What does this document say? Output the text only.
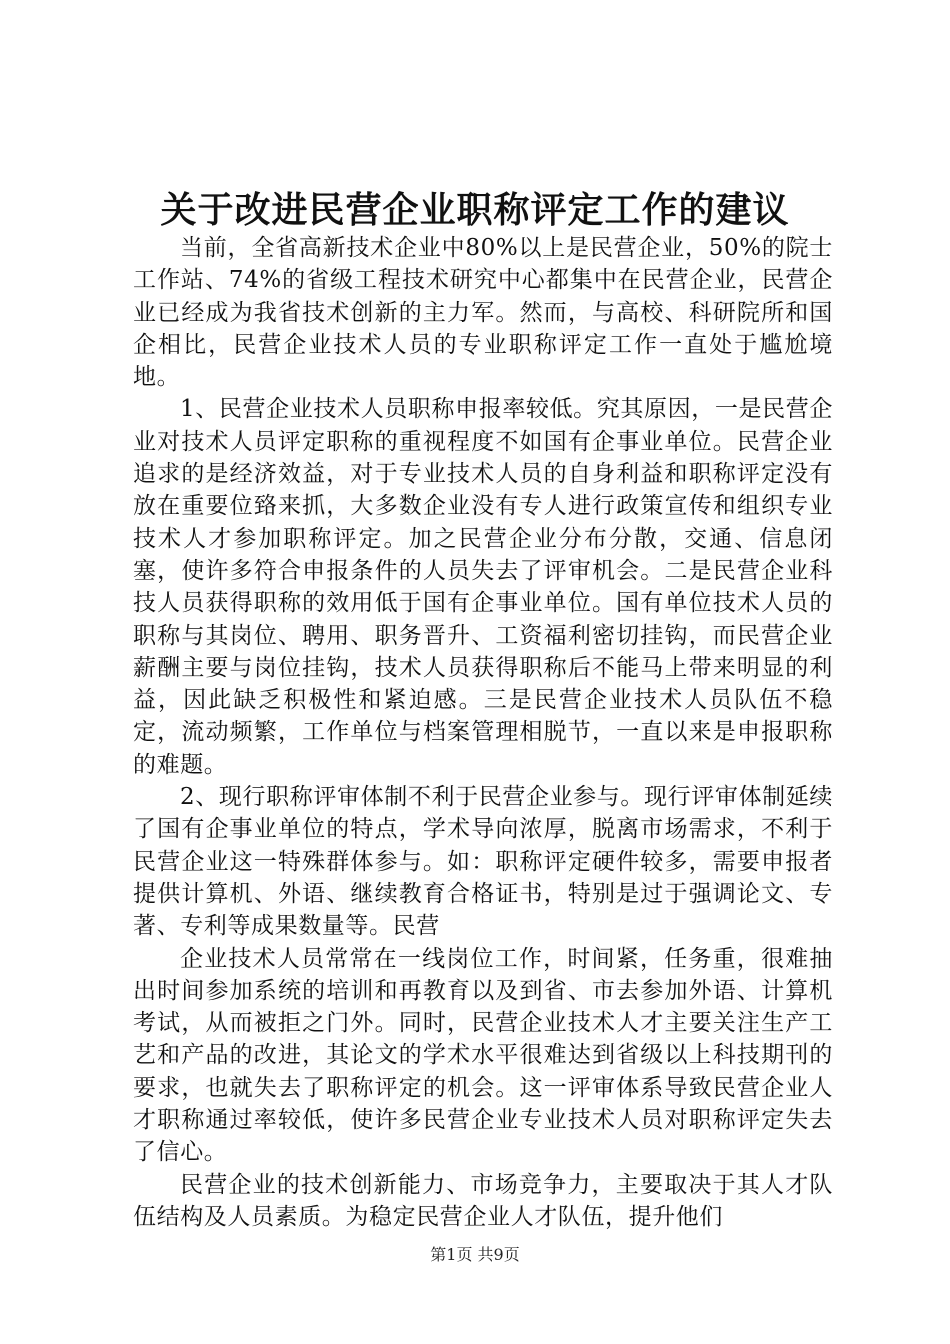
关于改进民营企业职称评定工作的建议

当前，全省高新技术企业中80%以上是民营企业，50%的院士工作站、74%的省级工程技术研究中心都集中在民营企业，民营企业已经成为我省技术创新的主力军。然而，与高校、科研院所和国企相比，民营企业技术人员的专业职称评定工作一直处于尴尬境地。

1、民营企业技术人员职称申报率较低。究其原因，一是民营企业对技术人员评定职称的重视程度不如国有企事业单位。民营企业追求的是经济效益，对于专业技术人员的自身利益和职称评定没有放在重要位臵来抓，大多数企业没有专人进行政策宣传和组织专业技术人才参加职称评定。加之民营企业分布分散，交通、信息闭塞，使许多符合申报条件的人员失去了评审机会。二是民营企业科技人员获得职称的效用低于国有企事业单位。国有单位技术人员的职称与其岗位、聘用、职务晋升、工资福利密切挂钩，而民营企业薪酬主要与岗位挂钩，技术人员获得职称后不能马上带来明显的利益，因此缺乏积极性和紧迫感。三是民营企业技术人员队伍不稳定，流动频繁，工作单位与档案管理相脱节，一直以来是申报职称的难题。

2、现行职称评审体制不利于民营企业参与。现行评审体制延续了国有企事业单位的特点，学术导向浓厚，脱离市场需求，不利于民营企业这一特殊群体参与。如：职称评定硬件较多，需要申报者提供计算机、外语、继续教育合格证书，特别是过于强调论文、专著、专利等成果数量等。民营

企业技术人员常常在一线岗位工作，时间紧，任务重，很难抽出时间参加系统的培训和再教育以及到省、市去参加外语、计算机考试，从而被拒之门外。同时，民营企业技术人才主要关注生产工艺和产品的改进，其论文的学术水平很难达到省级以上科技期刊的要求，也就失去了职称评定的机会。这一评审体系导致民营企业人才职称通过率较低，使许多民营企业专业技术人员对职称评定失去了信心。

民营企业的技术创新能力、市场竞争力，主要取决于其人才队伍结构及人员素质。为稳定民营企业人才队伍，提升他们

第1页 共9页
